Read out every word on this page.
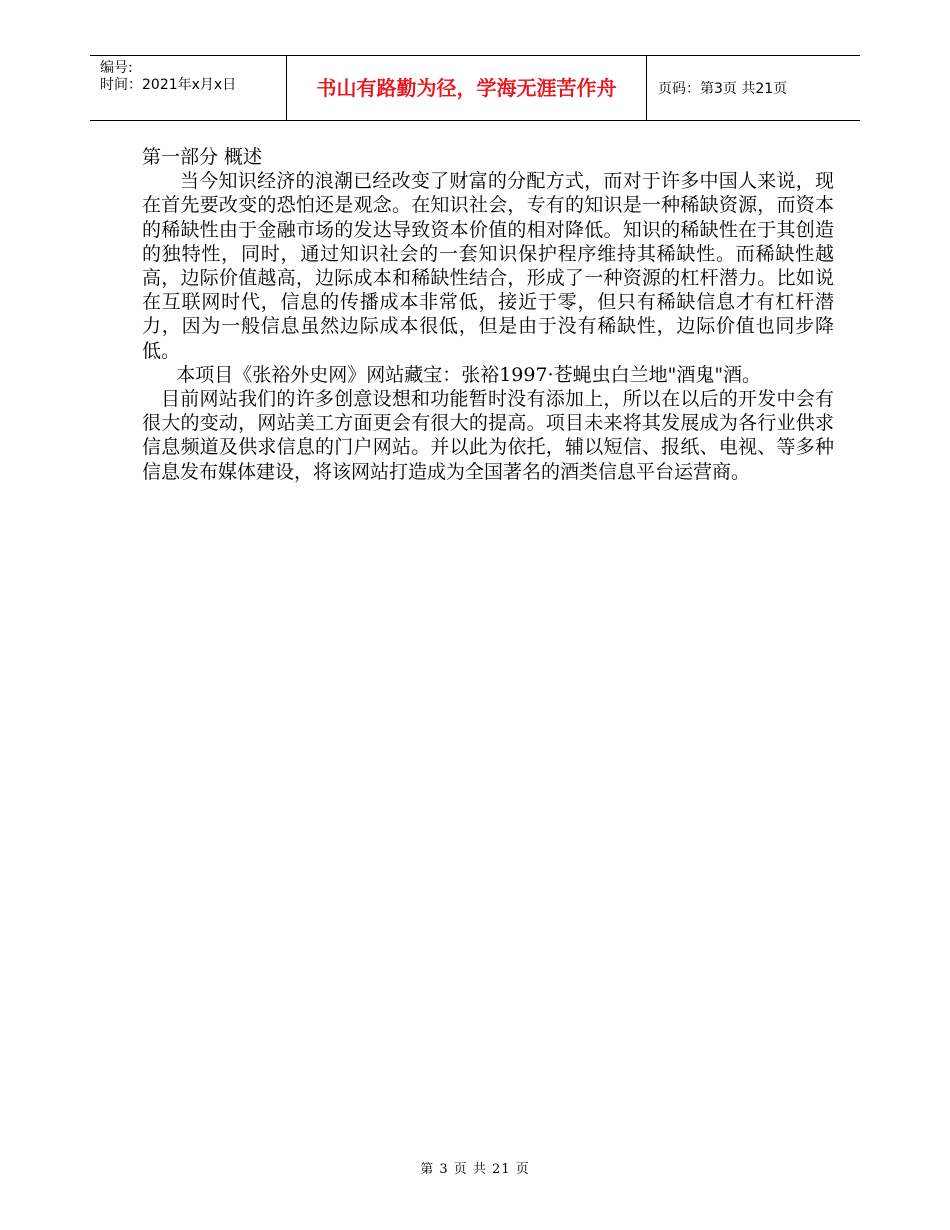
编号:
时间：2021年x月x日	书山有路勤为径，学海无涯苦作舟	页码：第3页 共21页

第一部分 概述

当今知识经济的浪潮已经改变了财富的分配方式，而对于许多中国人来说，现在首先要改变的恐怕还是观念。在知识社会，专有的知识是一种稀缺资源，而资本的稀缺性由于金融市场的发达导致资本价值的相对降低。知识的稀缺性在于其创造的独特性，同时，通过知识社会的一套知识保护程序维持其稀缺性。而稀缺性越高，边际价值越高，边际成本和稀缺性结合，形成了一种资源的杠杆潜力。比如说在互联网时代，信息的传播成本非常低，接近于零，但只有稀缺信息才有杠杆潜力，因为一般信息虽然边际成本很低，但是由于没有稀缺性，边际价值也同步降低。

本项目《张裕外史网》网站藏宝：张裕1997·苍蝇虫白兰地"酒鬼"酒。

目前网站我们的许多创意设想和功能暂时没有添加上，所以在以后的开发中会有很大的变动，网站美工方面更会有很大的提高。项目未来将其发展成为各行业供求信息频道及供求信息的门户网站。并以此为依托，辅以短信、报纸、电视、等多种信息发布媒体建设，将该网站打造成为全国著名的酒类信息平台运营商。

第 3 页 共 21 页
